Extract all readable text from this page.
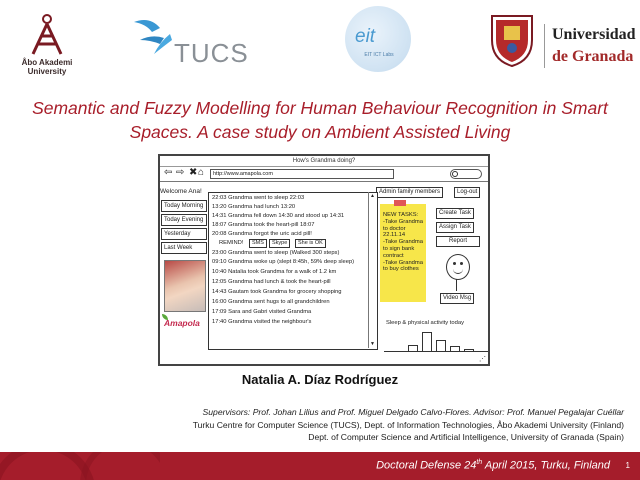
Åbo Akademi
University
TUCS
eit
EIT ICT Labs
Universidad
de Granada
Semantic and Fuzzy Modelling for Human Behaviour Recognition in Smart
Spaces. A case study on Ambient Assisted Living
How's Grandma doing?
⇦ ⇨ ✖ ⌂	http://www.amapola.com
Welcome Ana!	Admin family members	Log-out
Today Morning
Today Evening
Yesterday
Last Week
Amapola
22:03 Grandma went to sleep 22:03
13:20 Grandma had lunch 13:20
14:31 Grandma fell down 14:30 and stood up 14:31
18:07 Grandma took the heart-pill 18:07
20:08 Grandma forgot the uric acid pill!
REMIND!	SMS	Skype	She is OK
23:00 Grandma went to sleep (Walked 300 steps)
09:10 Grandma woke up (slept 8:45h, 59% deep sleep)
10:40 Natalia took Grandma for a walk of 1.2 km
12:05 Grandma had lunch & took the heart-pill
14:43 Gautam took Grandma for grocery shopping
16:00 Grandma sent hugs to all grandchildren
17:09 Sara and Gabri visited Grandma
17:40 Grandma visited the neighbour's
▲
▼
NEW TASKS:
-Take Grandma to doctor
22.11.14
-Take Grandma to sign bank contract
-Take Grandma to buy clothes
Create Task
Assign Task
Report
Video Msg
Sleep & physical activity today
⋰
Natalia A. Díaz Rodríguez
Supervisors: Prof. Johan Lilius and Prof. Miguel Delgado Calvo-Flores. Advisor: Prof. Manuel Pegalajar Cuéllar
Turku Centre for Computer Science (TUCS), Dept. of Information Technologies, Åbo Akademi University (Finland)
Dept. of Computer Science and Artificial Intelligence, University of Granada (Spain)
Doctoral Defense 24th April 2015, Turku, Finland 1
